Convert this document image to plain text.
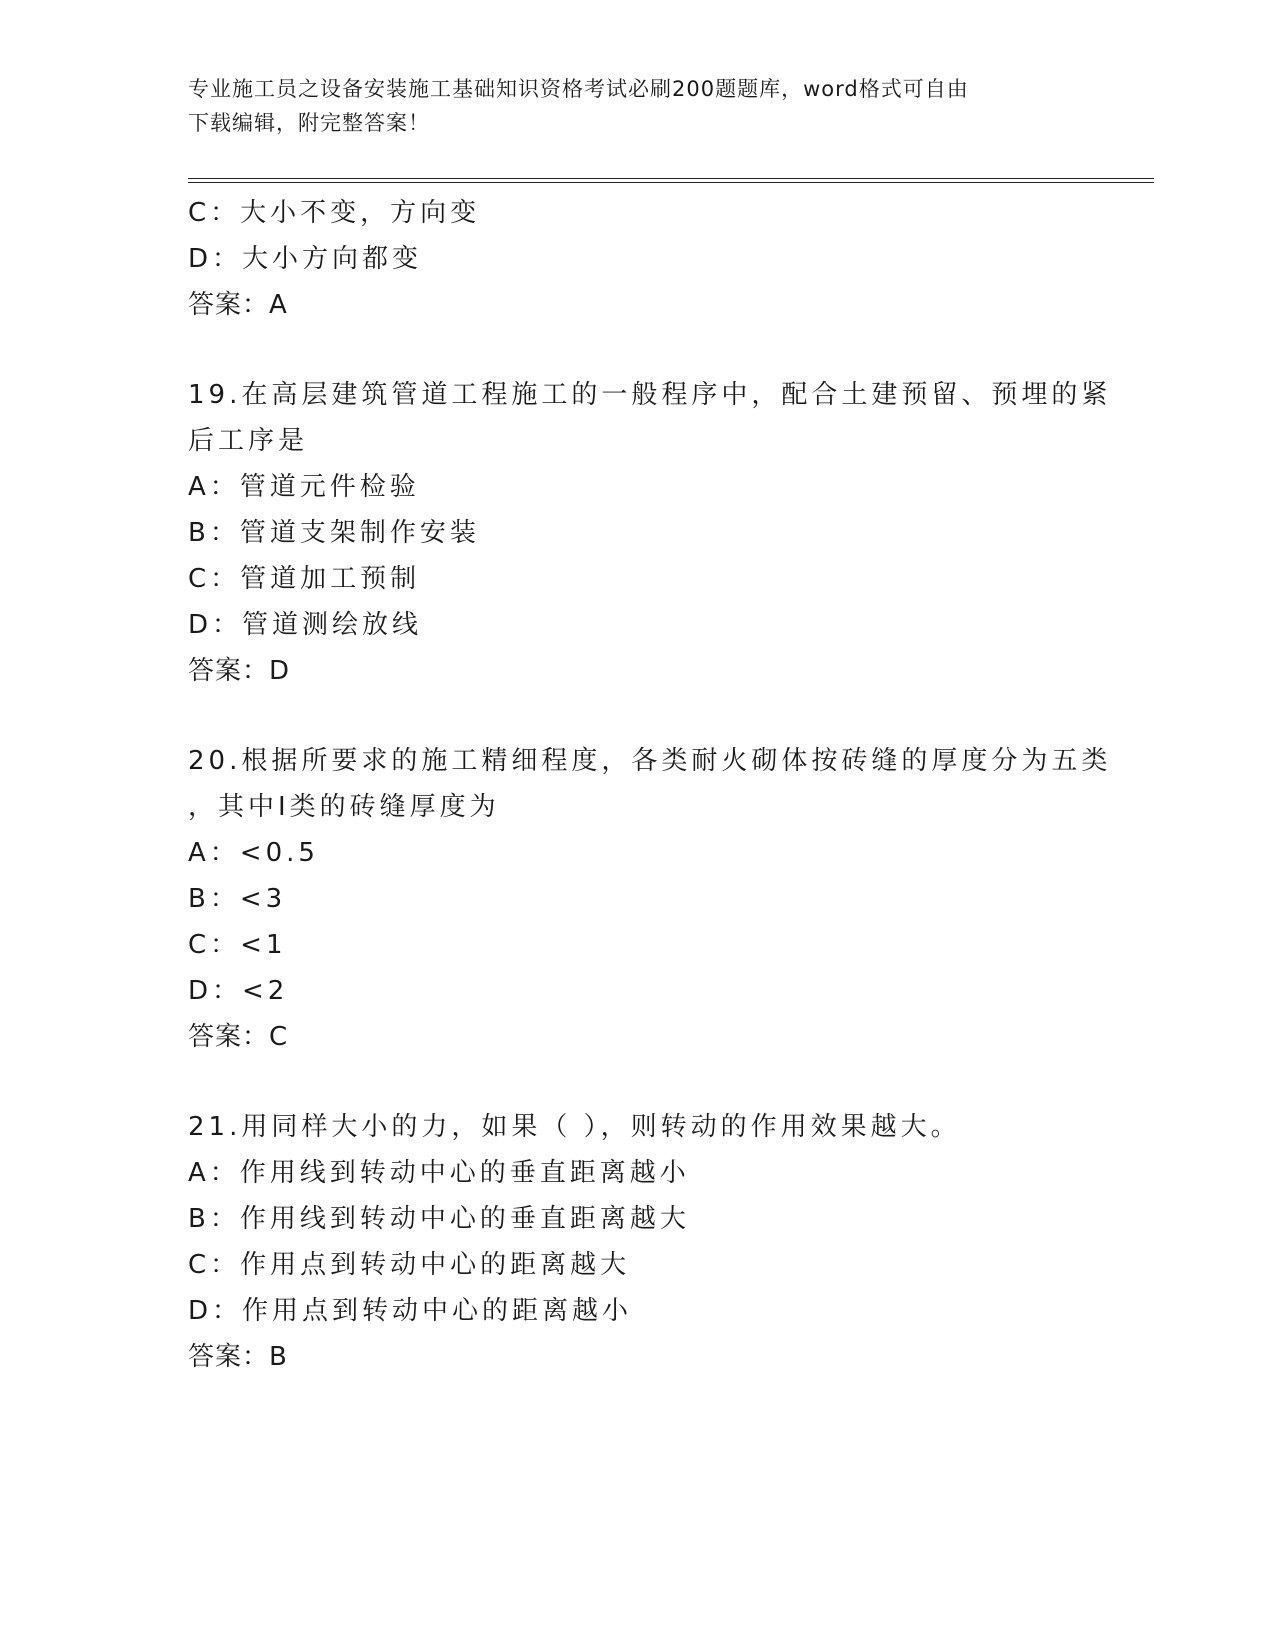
专业施工员之设备安装施工基础知识资格考试必刷200题题库，word格式可自由
下载编辑，附完整答案！
C：大小不变，方向变
D：大小方向都变
答案：A
19.在高层建筑管道工程施工的一般程序中，配合土建预留、预埋的紧
后工序是
A：管道元件检验
B：管道支架制作安装
C：管道加工预制
D：管道测绘放线
答案：D
20.根据所要求的施工精细程度，各类耐火砌体按砖缝的厚度分为五类
，其中Ⅰ类的砖缝厚度为
A：<0.5
B：<3
C：<1
D：<2
答案：C
21.用同样大小的力，如果（ ），则转动的作用效果越大。
A：作用线到转动中心的垂直距离越小
B：作用线到转动中心的垂直距离越大
C：作用点到转动中心的距离越大
D：作用点到转动中心的距离越小
答案：B
